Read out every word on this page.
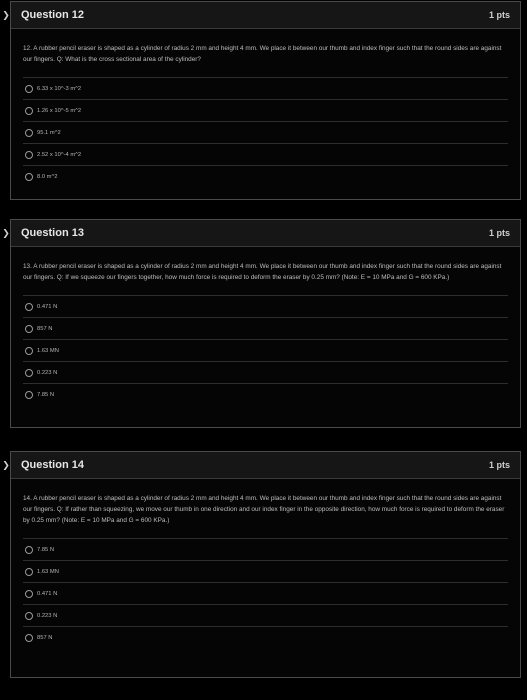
❯ Question 12	1 pts

12. A rubber pencil eraser is shaped as a cylinder of radius 2 mm and height 4 mm. We place it between our thumb and index finger such that the round sides are against our fingers. Q: What is the cross sectional area of the cylinder?

6.33 x 10^-3 m^2
1.26 x 10^-5 m^2
95.1 m^2
2.52 x 10^-4 m^2
8.0 m^2
❯ Question 13	1 pts

13. A rubber pencil eraser is shaped as a cylinder of radius 2 mm and height 4 mm. We place it between our thumb and index finger such that the round sides are against our fingers. Q: If we squeeze our fingers together, how much force is required to deform the eraser by 0.25 mm? (Note: E = 10 MPa and G = 600 KPa.)

0.471 N
857 N
1.63 MN
0.223 N
7.85 N
❯ Question 14	1 pts

14. A rubber pencil eraser is shaped as a cylinder of radius 2 mm and height 4 mm. We place it between our thumb and index finger such that the round sides are against our fingers. Q: If rather than squeezing, we move our thumb in one direction and our index finger in the opposite direction, how much force is required to deform the eraser by 0.25 mm? (Note: E = 10 MPa and G = 600 KPa.)

7.85 N
1.63 MN
0.471 N
0.223 N
857 N
